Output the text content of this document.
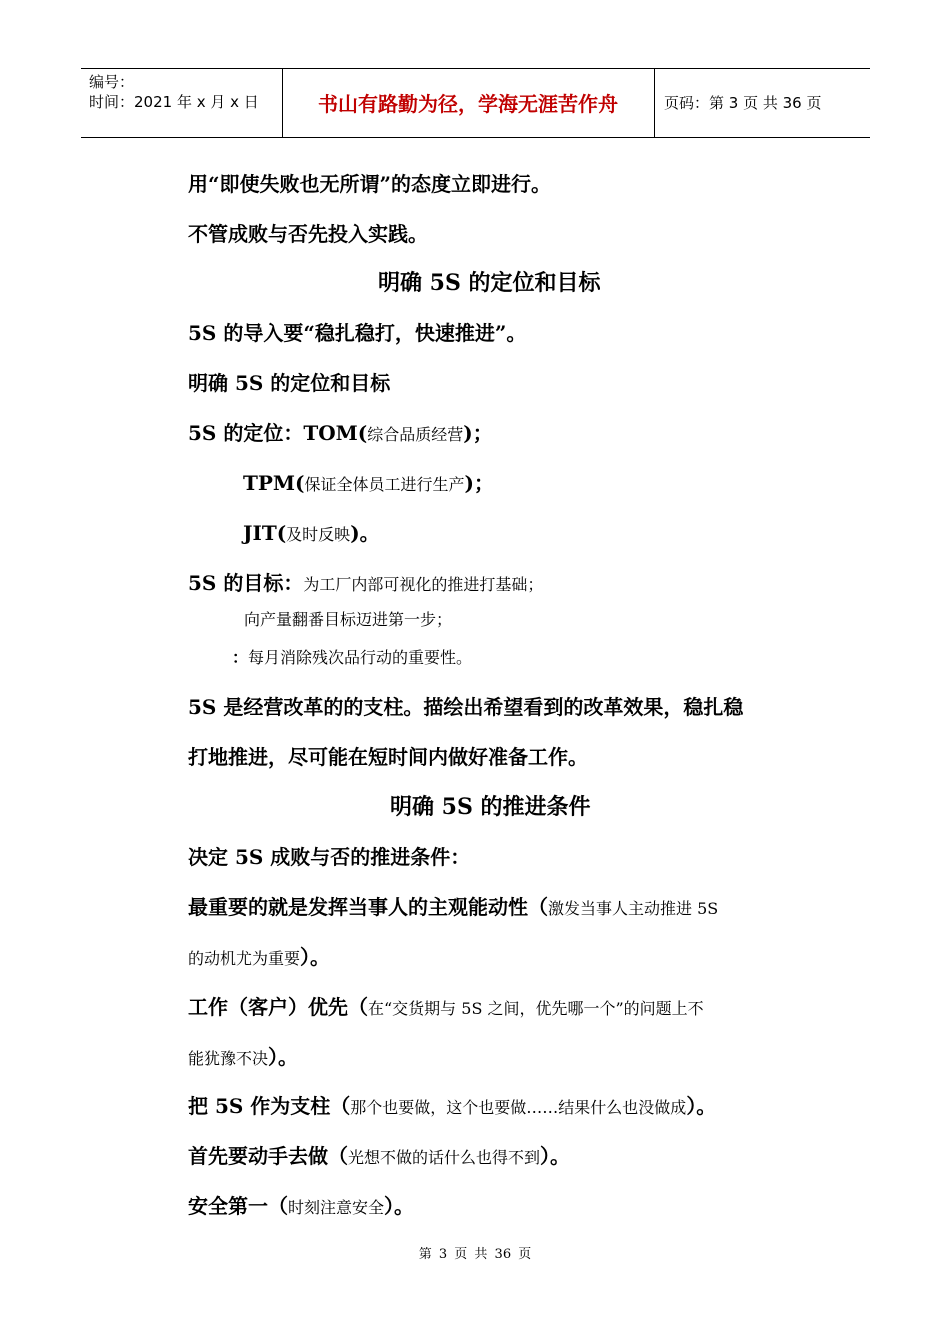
编号：
时间：2021 年 x 月 x 日	书山有路勤为径，学海无涯苦作舟	页码：第 3 页 共 36 页
用“即使失败也无所谓”的态度立即进行。
不管成败与否先投入实践。
明确 5S 的定位和目标
5S 的导入要“稳扎稳打，快速推进”。
明确 5S 的定位和目标
5S 的定位：TOM(综合品质经营)；
TPM(保证全体员工进行生产)；
JIT(及时反映)。
5S 的目标：为工厂内部可视化的推进打基础；
向产量翻番目标迈进第一步；
：每月消除残次品行动的重要性。
5S 是经营改革的的支柱。描绘出希望看到的改革效果，稳扎稳
打地推进，尽可能在短时间内做好准备工作。
明确 5S 的推进条件
决定 5S 成败与否的推进条件：
最重要的就是发挥当事人的主观能动性（激发当事人主动推进 5S
的动机尤为重要）。
工作（客户）优先（在“交货期与 5S 之间，优先哪一个”的问题上不
能犹豫不决）。
把 5S 作为支柱（那个也要做，这个也要做……结果什么也没做成）。
首先要动手去做（光想不做的话什么也得不到）。
安全第一（时刻注意安全）。
第 3 页 共 36 页
